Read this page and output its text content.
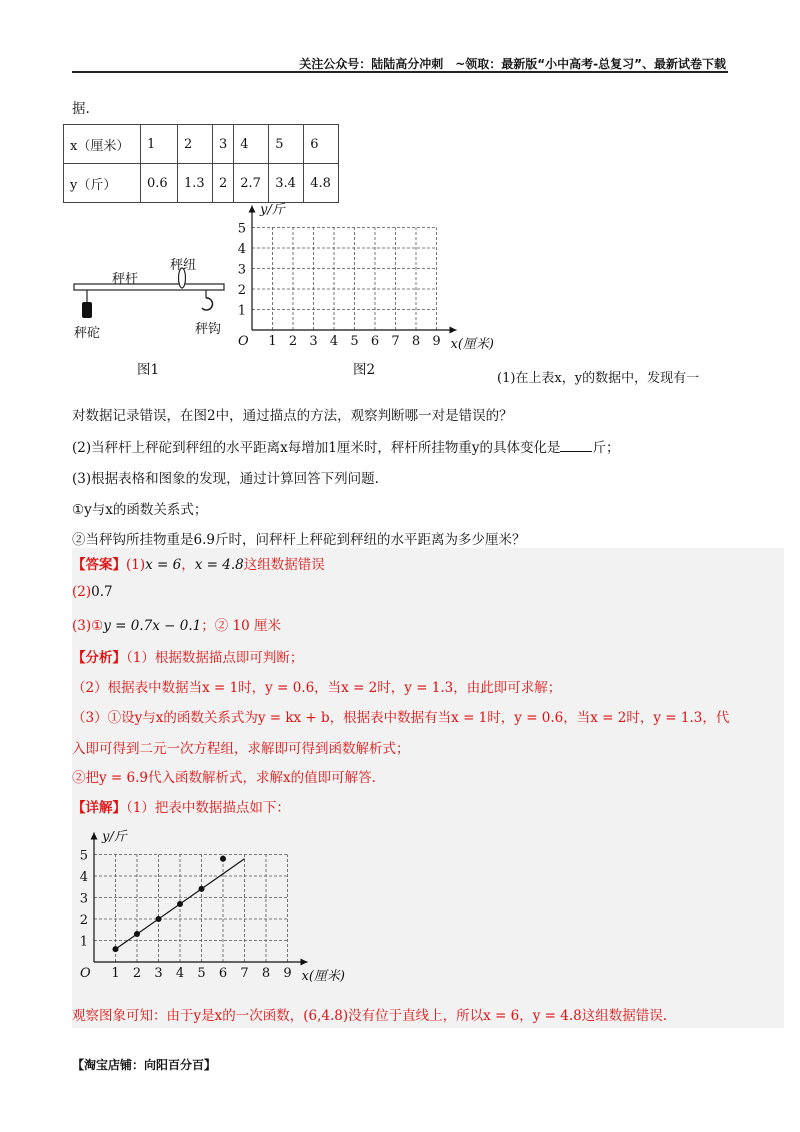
关注公众号：陆陆高分冲刺　~领取：最新版“小中高考-总复习”、最新试卷下载
据.
x（厘米）	1	2	3	4	5	6
y（斤）	0.6	1.3	2	2.7	3.4	4.8
秤杆
秤纽
秤砣	秤钩
图1
1 2 3 4 5 6 7 8 9
1
2
3
4
5
O
y/斤
x(厘米)
图2
(1)在上表x，y的数据中，发现有一
对数据记录错误，在图2中，通过描点的方法，观察判断哪一对是错误的？
(2)当秤杆上秤砣到秤纽的水平距离x每增加1厘米时，秤杆所挂物重y的具体变化是 斤；
(3)根据表格和图象的发现，通过计算回答下列问题.
①y与x的函数关系式；
②当秤钩所挂物重是6.9斤时，问秤杆上秤砣到秤纽的水平距离为多少厘米？
【答案】(1)x = 6，x = 4.8这组数据错误
(2)0.7
(3)①y = 0.7x − 0.1；② 10 厘米
【分析】（1）根据数据描点即可判断；
（2）根据表中数据当x = 1时，y = 0.6，当x = 2时，y = 1.3，由此即可求解；
（3）①设y与x的函数关系式为y = kx + b，根据表中数据有当x = 1时，y = 0.6，当x = 2时，y = 1.3，代
入即可得到二元一次方程组，求解即可得到函数解析式；
②把y = 6.9代入函数解析式，求解x的值即可解答.
【详解】（1）把表中数据描点如下：
1 2 3 4 5 6 7 8 9
1
2
3
4
5
O
y/斤
x(厘米)
观察图象可知：由于y是x的一次函数，(6,4.8)没有位于直线上，所以x = 6，y = 4.8这组数据错误.
【淘宝店铺：向阳百分百】
